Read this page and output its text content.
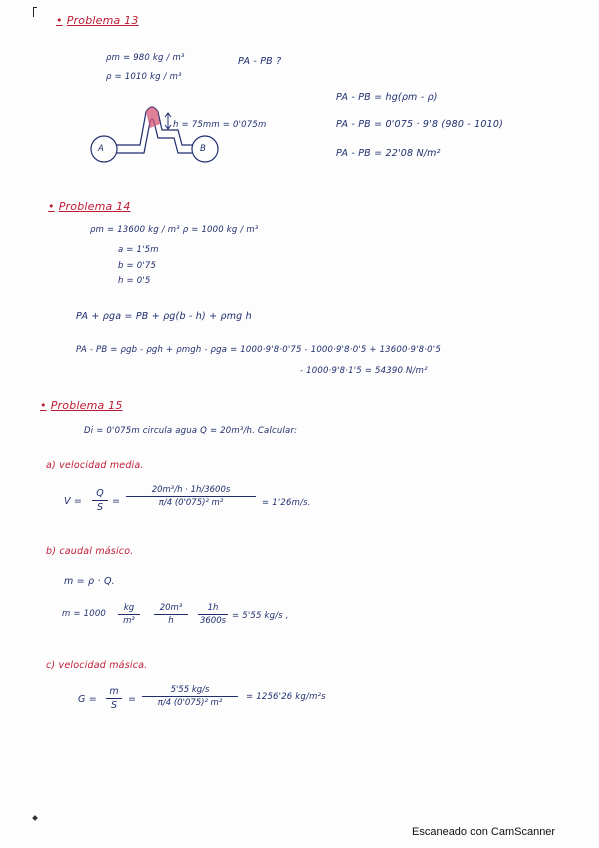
• Problema 13
ρm = 980 kg / m³
ρ = 1010 kg / m³
PA - PB ?
A	B
h = 75mm = 0'075m
PA - PB = hg(ρm - ρ)
PA - PB = 0'075 · 9'8 (980 - 1010)
PA - PB = 22'08 N/m²
• Problema 14
ρm = 13600 kg / m³ ρ = 1000 kg / m³
a = 1'5m
b = 0'75
h = 0'5
PA + ρga = PB + ρg(b - h) + ρmg h
PA - PB = ρgb - ρgh + ρmgh - ρga = 1000·9'8·0'75 - 1000·9'8·0'5 + 13600·9'8·0'5
- 1000·9'8·1'5 = 54390 N/m²
• Problema 15
Di = 0'075m circula agua Q = 20m³/h. Calcular:
a) velocidad media.
V =
Q
S
=
20m³/h · 1h/3600s
π/4 (0'075)² m²	= 1'26m/s.
b) caudal másico.
m = ρ · Q.
m = 1000
kg
m³
20m³
h
1h
3600s = 5'55 kg/s ,
c) velocidad másica.
G =
m
S
=
5'55 kg/s
π/4 (0'075)² m²
= 1256'26 kg/m²s
Escaneado con CamScanner
